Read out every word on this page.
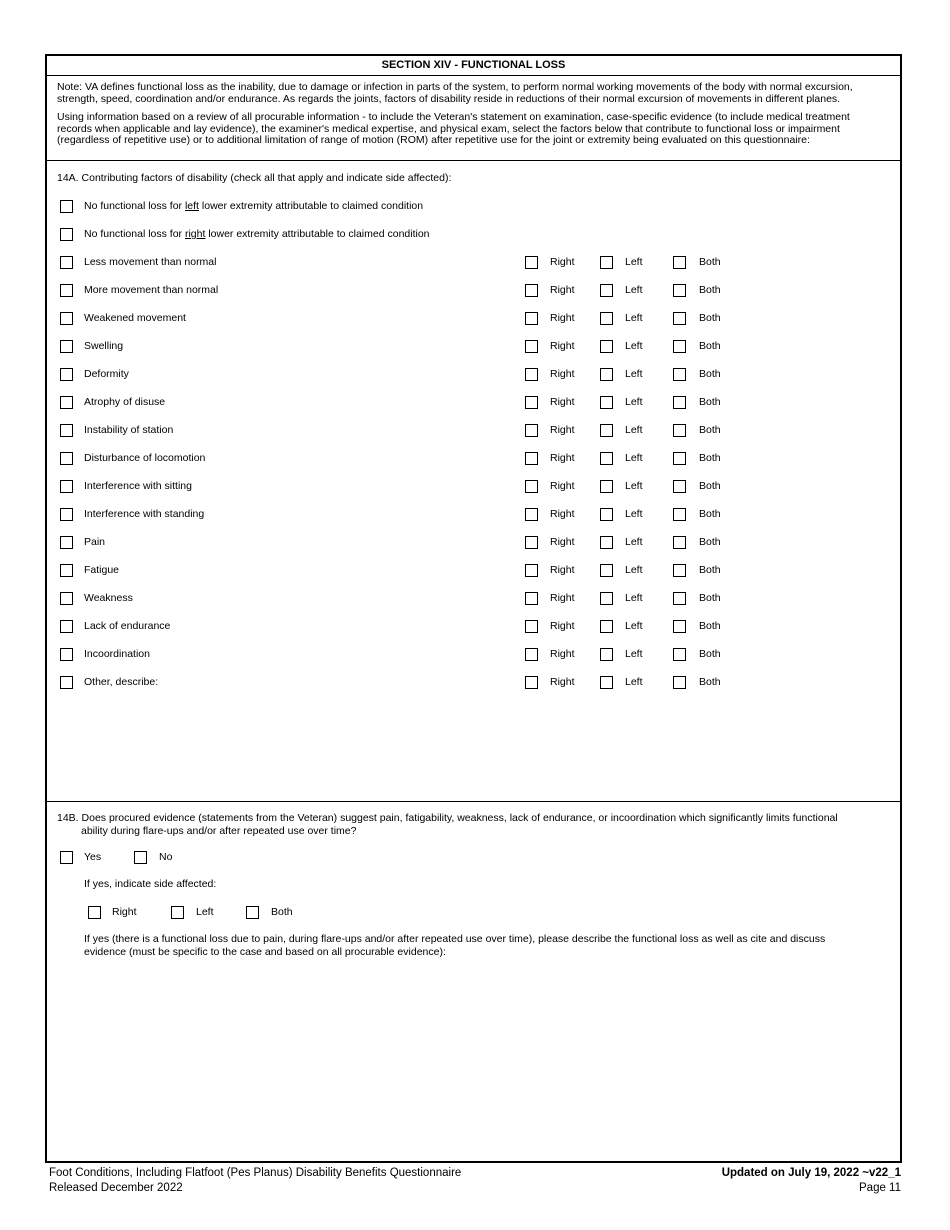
SECTION XIV - FUNCTIONAL LOSS

Note: VA defines functional loss as the inability, due to damage or infection in parts of the system, to perform normal working movements of the body with normal excursion, strength, speed, coordination and/or endurance. As regards the joints, factors of disability reside in reductions of their normal excursion of movements in different planes.

Using information based on a review of all procurable information - to include the Veteran's statement on examination, case-specific evidence (to include medical treatment records when applicable and lay evidence), the examiner's medical expertise, and physical exam, select the factors below that contribute to functional loss or impairment (regardless of repetitive use) or to additional limitation of range of motion (ROM) after repetitive use for the joint or extremity being evaluated on this questionnaire:

14A. Contributing factors of disability (check all that apply and indicate side affected):
No functional loss for left lower extremity attributable to claimed condition
No functional loss for right lower extremity attributable to claimed condition
Less movement than normal	Right	Left	Both
More movement than normal	Right	Left	Both
Weakened movement	Right	Left	Both
Swelling	Right	Left	Both
Deformity	Right	Left	Both
Atrophy of disuse	Right	Left	Both
Instability of station	Right	Left	Both
Disturbance of locomotion	Right	Left	Both
Interference with sitting	Right	Left	Both
Interference with standing	Right	Left	Both
Pain	Right	Left	Both
Fatigue	Right	Left	Both
Weakness	Right	Left	Both
Lack of endurance	Right	Left	Both
Incoordination	Right	Left	Both
Other, describe:	Right	Left	Both
14B. Does procured evidence (statements from the Veteran) suggest pain, fatigability, weakness, lack of endurance, or incoordination which significantly limits functional
ability during flare-ups and/or after repeated use over time?
Yes	No
If yes, indicate side affected:
Right	Left	Both
If yes (there is a functional loss due to pain, during flare-ups and/or after repeated use over time), please describe the functional loss as well as cite and discuss
evidence (must be specific to the case and based on all procurable evidence):
Foot Conditions, Including Flatfoot (Pes Planus) Disability Benefits Questionnaire
Released December 2022
Updated on July 19, 2022 ~v22_1
Page 11
